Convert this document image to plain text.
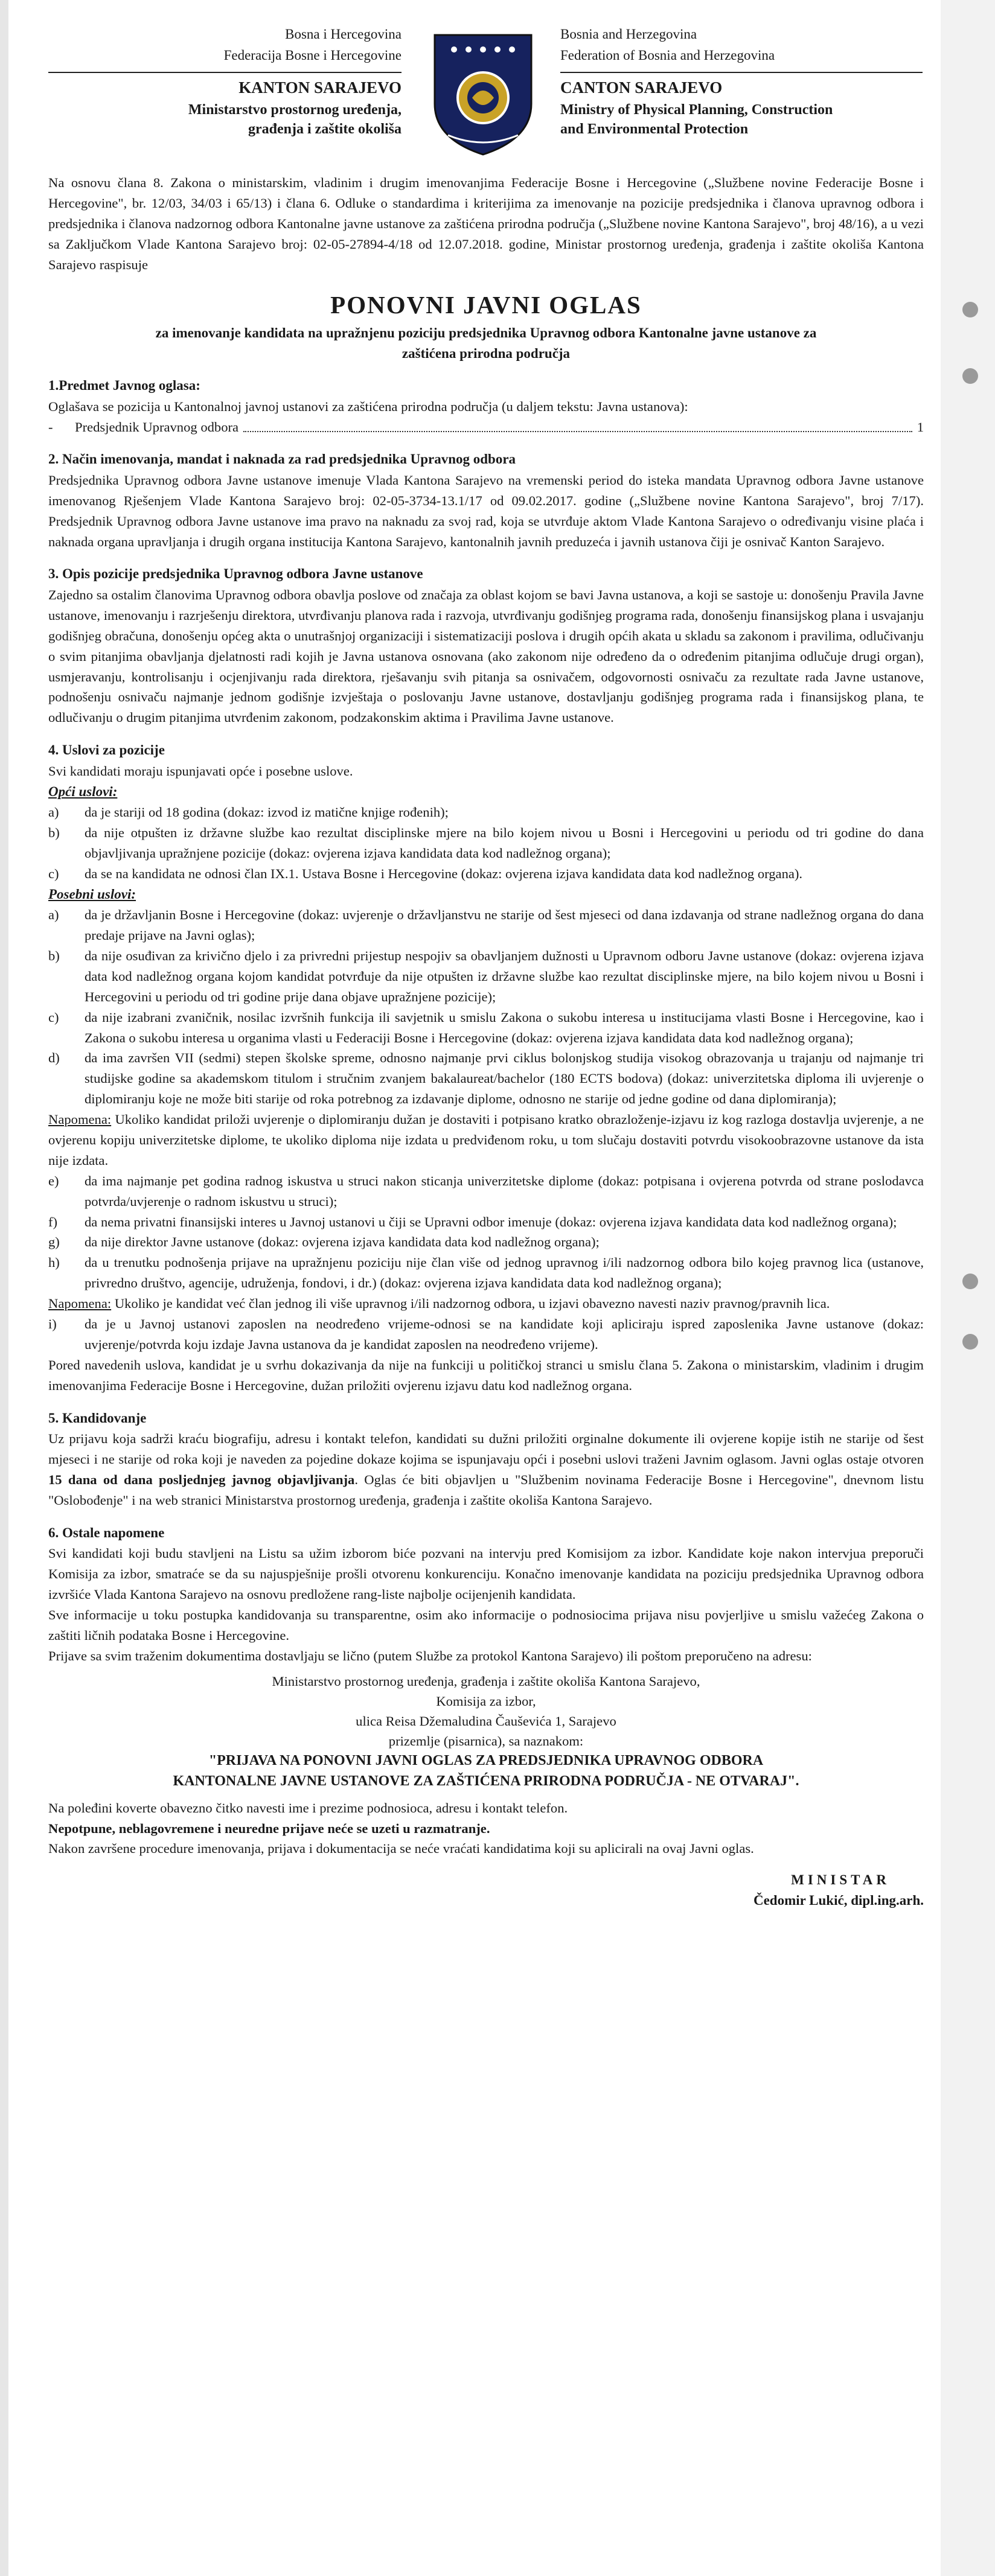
Bosna i Hercegovina
Federacija Bosne i Hercegovine
KANTON SARAJEVO
Ministarstvo prostornog uređenja,
građenja i zaštite okoliša
Bosnia and Herzegovina
Federation of Bosnia and Herzegovina
CANTON SARAJEVO
Ministry of Physical Planning, Construction
and Environmental Protection

Na osnovu člana 8. Zakona o ministarskim, vladinim i drugim imenovanjima Federacije Bosne i Hercegovine („Službene novine Federacije Bosne i Hercegovine", br. 12/03, 34/03 i 65/13) i člana 6. Odluke o standardima i kriterijima za imenovanje na pozicije predsjednika i članova upravnog odbora i predsjednika i članova nadzornog odbora Kantonalne javne ustanove za zaštićena prirodna područja („Službene novine Kantona Sarajevo", broj 48/16), a u vezi sa Zaključkom Vlade Kantona Sarajevo broj: 02-05-27894-4/18 od 12.07.2018. godine, Ministar prostornog uređenja, građenja i zaštite okoliša Kantona Sarajevo raspisuje

PONOVNI JAVNI OGLAS
za imenovanje kandidata na upražnjenu poziciju predsjednika Upravnog odbora Kantonalne javne ustanove za zaštićena prirodna područja
1.Predmet Javnog oglasa:

Oglašava se pozicija u Kantonalnoj javnoj ustanovi za zaštićena prirodna područja (u daljem tekstu: Javna ustanova):

-	Predsjednik Upravnog odbora	1
2. Način imenovanja, mandat i naknada za rad predsjednika Upravnog odbora

Predsjednika Upravnog odbora Javne ustanove imenuje Vlada Kantona Sarajevo na vremenski period do isteka mandata Upravnog odbora Javne ustanove imenovanog Rješenjem Vlade Kantona Sarajevo broj: 02-05-3734-13.1/17 od 09.02.2017. godine („Službene novine Kantona Sarajevo", broj 7/17). Predsjednik Upravnog odbora Javne ustanove ima pravo na naknadu za svoj rad, koja se utvrđuje aktom Vlade Kantona Sarajevo o određivanju visine plaća i naknada organa upravljanja i drugih organa institucija Kantona Sarajevo, kantonalnih javnih preduzeća i javnih ustanova čiji je osnivač Kanton Sarajevo.

3. Opis pozicije predsjednika Upravnog odbora Javne ustanove

Zajedno sa ostalim članovima Upravnog odbora obavlja poslove od značaja za oblast kojom se bavi Javna ustanova, a koji se sastoje u: donošenju Pravila Javne ustanove, imenovanju i razrješenju direktora, utvrđivanju planova rada i razvoja, utvrđivanju godišnjeg programa rada, donošenju finansijskog plana i usvajanju godišnjeg obračuna, donošenju općeg akta o unutrašnjoj organizaciji i sistematizaciji poslova i drugih općih akata u skladu sa zakonom i pravilima, odlučivanju o svim pitanjima obavljanja djelatnosti radi kojih je Javna ustanova osnovana (ako zakonom nije određeno da o određenim pitanjima odlučuje drugi organ), usmjeravanju, kontrolisanju i ocjenjivanju rada direktora, rješavanju svih pitanja sa osnivačem, odgovornosti osnivaču za rezultate rada Javne ustanove, podnošenju osnivaču najmanje jednom godišnje izvještaja o poslovanju Javne ustanove, dostavljanju godišnjeg programa rada i finansijskog plana, te odlučivanju o drugim pitanjima utvrđenim zakonom, podzakonskim aktima i Pravilima Javne ustanove.

4. Uslovi za pozicije

Svi kandidati moraju ispunjavati opće i posebne uslove.

Opći uslovi:
a)	da je stariji od 18 godina (dokaz: izvod iz matične knjige rođenih);
b)	da nije otpušten iz državne službe kao rezultat disciplinske mjere na bilo kojem nivou u Bosni i Hercegovini u periodu od tri godine do dana objavljivanja upražnjene pozicije (dokaz: ovjerena izjava kandidata data kod nadležnog organa);
c)	da se na kandidata ne odnosi član IX.1. Ustava Bosne i Hercegovine (dokaz: ovjerena izjava kandidata data kod nadležnog organa).
Posebni uslovi:
a)	da je državljanin Bosne i Hercegovine (dokaz: uvjerenje o državljanstvu ne starije od šest mjeseci od dana izdavanja od strane nadležnog organa do dana predaje prijave na Javni oglas);
b)	da nije osuđivan za krivično djelo i za privredni prijestup nespojiv sa obavljanjem dužnosti u Upravnom odboru Javne ustanove (dokaz: ovjerena izjava data kod nadležnog organa kojom kandidat potvrđuje da nije otpušten iz državne službe kao rezultat disciplinske mjere, na bilo kojem nivou u Bosni i Hercegovini u periodu od tri godine prije dana objave upražnjene pozicije);
c)	da nije izabrani zvaničnik, nosilac izvršnih funkcija ili savjetnik u smislu Zakona o sukobu interesa u institucijama vlasti Bosne i Hercegovine, kao i Zakona o sukobu interesa u organima vlasti u Federaciji Bosne i Hercegovine (dokaz: ovjerena izjava kandidata data kod nadležnog organa);
d)	da ima završen VII (sedmi) stepen školske spreme, odnosno najmanje prvi ciklus bolonjskog studija visokog obrazovanja u trajanju od najmanje tri studijske godine sa akademskom titulom i stručnim zvanjem bakalaureat/bachelor (180 ECTS bodova) (dokaz: univerzitetska diploma ili uvjerenje o diplomiranju koje ne može biti starije od roka potrebnog za izdavanje diplome, odnosno ne starije od jedne godine od dana diplomiranja);

Napomena: Ukoliko kandidat priloži uvjerenje o diplomiranju dužan je dostaviti i potpisano kratko obrazloženje-izjavu iz kog razloga dostavlja uvjerenje, a ne ovjerenu kopiju univerzitetske diplome, te ukoliko diploma nije izdata u predviđenom roku, u tom slučaju dostaviti potvrdu visokoobrazovne ustanove da ista nije izdata.

e)	da ima najmanje pet godina radnog iskustva u struci nakon sticanja univerzitetske diplome (dokaz: potpisana i ovjerena potvrda od strane poslodavca potvrda/uvjerenje o radnom iskustvu u struci);
f)	da nema privatni finansijski interes u Javnoj ustanovi u čiji se Upravni odbor imenuje (dokaz: ovjerena izjava kandidata data kod nadležnog organa);
g)	da nije direktor Javne ustanove (dokaz: ovjerena izjava kandidata data kod nadležnog organa);
h)	da u trenutku podnošenja prijave na upražnjenu poziciju nije član više od jednog upravnog i/ili nadzornog odbora bilo kojeg pravnog lica (ustanove, privredno društvo, agencije, udruženja, fondovi, i dr.) (dokaz: ovjerena izjava kandidata data kod nadležnog organa);

Napomena: Ukoliko je kandidat već član jednog ili više upravnog i/ili nadzornog odbora, u izjavi obavezno navesti naziv pravnog/pravnih lica.

i)	da je u Javnoj ustanovi zaposlen na neodređeno vrijeme-odnosi se na kandidate koji apliciraju ispred zaposlenika Javne ustanove (dokaz: uvjerenje/potvrda koju izdaje Javna ustanova da je kandidat zaposlen na neodređeno vrijeme).

Pored navedenih uslova, kandidat je u svrhu dokazivanja da nije na funkciji u političkoj stranci u smislu člana 5. Zakona o ministarskim, vladinim i drugim imenovanjima Federacije Bosne i Hercegovine, dužan priložiti ovjerenu izjavu datu kod nadležnog organa.

5. Kandidovanje

Uz prijavu koja sadrži kraću biografiju, adresu i kontakt telefon, kandidati su dužni priložiti orginalne dokumente ili ovjerene kopije istih ne starije od šest mjeseci i ne starije od roka koji je naveden za pojedine dokaze kojima se ispunjavaju opći i posebni uslovi traženi Javnim oglasom. Javni oglas ostaje otvoren 15 dana od dana posljednjeg javnog objavljivanja. Oglas će biti objavljen u "Službenim novinama Federacije Bosne i Hercegovine", dnevnom listu "Oslobođenje" i na web stranici Ministarstva prostornog uređenja, građenja i zaštite okoliša Kantona Sarajevo.

6. Ostale napomene

Svi kandidati koji budu stavljeni na Listu sa užim izborom biće pozvani na intervju pred Komisijom za izbor. Kandidate koje nakon intervjua preporuči Komisija za izbor, smatraće se da su najuspješnije prošli otvorenu konkurenciju. Konačno imenovanje kandidata na poziciju predsjednika Upravnog odbora izvršiće Vlada Kantona Sarajevo na osnovu predložene rang-liste najbolje ocijenjenih kandidata.

Sve informacije u toku postupka kandidovanja su transparentne, osim ako informacije o podnosiocima prijava nisu povjerljive u smislu važećeg Zakona o zaštiti ličnih podataka Bosne i Hercegovine.

Prijave sa svim traženim dokumentima dostavljaju se lično (putem Službe za protokol Kantona Sarajevo) ili poštom preporučeno na adresu:

Ministarstvo prostornog uređenja, građenja i zaštite okoliša Kantona Sarajevo,
Komisija za izbor,
ulica Reisa Džemaludina Čauševića 1, Sarajevo
prizemlje (pisarnica), sa naznakom:
"PRIJAVA NA PONOVNI JAVNI OGLAS ZA PREDSJEDNIKA UPRAVNOG ODBORA
KANTONALNE JAVNE USTANOVE ZA ZAŠTIĆENA PRIRODNA PODRUČJA - NE OTVARAJ".

Na poleđini koverte obavezno čitko navesti ime i prezime podnosioca, adresu i kontakt telefon.

Nepotpune, neblagovremene i neuredne prijave neće se uzeti u razmatranje.

Nakon završene procedure imenovanja, prijava i dokumentacija se neće vraćati kandidatima koji su aplicirali na ovaj Javni oglas.

MINISTAR
Čedomir Lukić, dipl.ing.arh.
